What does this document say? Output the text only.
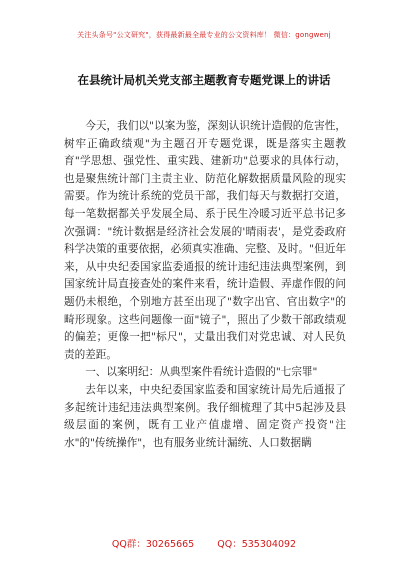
关注头条号"公文研究"，获得最新最全最专业的公文资料库！ 微信：gongwenj
在县统计局机关党支部主题教育专题党课上的讲话

今天，我们以"以案为鉴，深刻认识统计造假的危害性，树牢正确政绩观"为主题召开专题党课，既是落实主题教育"学思想、强党性、重实践、建新功"总要求的具体行动，也是聚焦统计部门主责主业、防范化解数据质量风险的现实需要。作为统计系统的党员干部，我们每天与数据打交道，每一笔数据都关乎发展全局、系于民生冷暖习近平总书记多次强调："统计数据是经济社会发展的'晴雨表'，是党委政府科学决策的重要依据，必须真实准确、完整、及时。"但近年来，从中央纪委国家监委通报的统计违纪违法典型案例，到国家统计局直接查处的案件来看，统计造假、弄虚作假的问题仍未根绝，个别地方甚至出现了"数字出官、官出数字"的畸形现象。这些问题像一面"镜子"，照出了少数干部政绩观的偏差；更像一把"标尺"，丈量出我们对党忠诚、对人民负责的差距。

一、以案明纪：从典型案件看统计造假的"七宗罪"

去年以来，中央纪委国家监委和国家统计局先后通报了多起统计违纪违法典型案例。我仔细梳理了其中5起涉及县级层面的案例，既有工业产值虚增、固定资产投资"注水"的"传统操作"，也有服务业统计漏统、人口数据瞒

QQ群：30265665 QQ：535304092
